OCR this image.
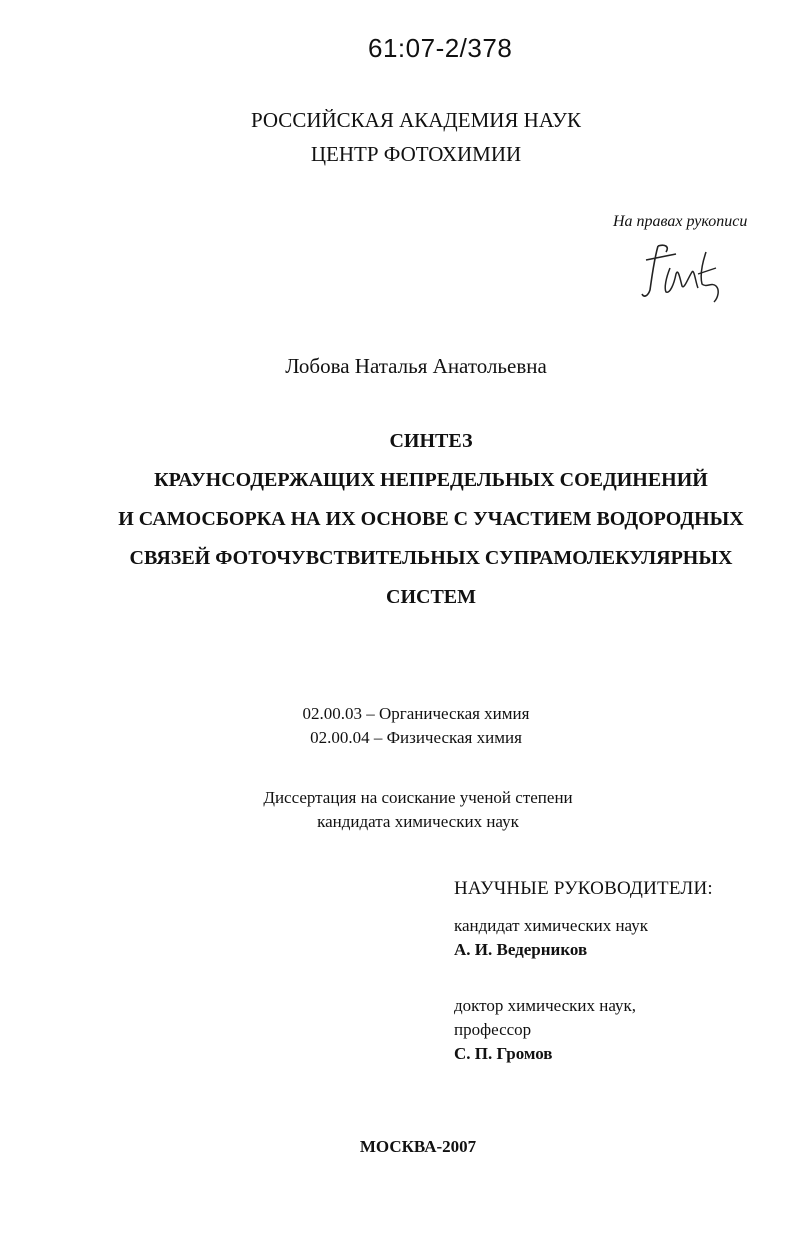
61:07-2/378
РОССИЙСКАЯ АКАДЕМИЯ НАУК
ЦЕНТР ФОТОХИМИИ
На правах рукописи
Лобова Наталья Анатольевна
СИНТЕЗ
КРАУНСОДЕРЖАЩИХ НЕПРЕДЕЛЬНЫХ СОЕДИНЕНИЙ
И САМОСБОРКА НА ИХ ОСНОВЕ С УЧАСТИЕМ ВОДОРОДНЫХ
СВЯЗЕЙ ФОТОЧУВСТВИТЕЛЬНЫХ СУПРАМОЛЕКУЛЯРНЫХ
СИСТЕМ
02.00.03 – Органическая химия
02.00.04 – Физическая химия
Диссертация на соискание ученой степени
кандидата химических наук
НАУЧНЫЕ РУКОВОДИТЕЛИ:
кандидат химических наук
А. И. Ведерников
доктор химических наук,
профессор
С. П. Громов
МОСКВА-2007
